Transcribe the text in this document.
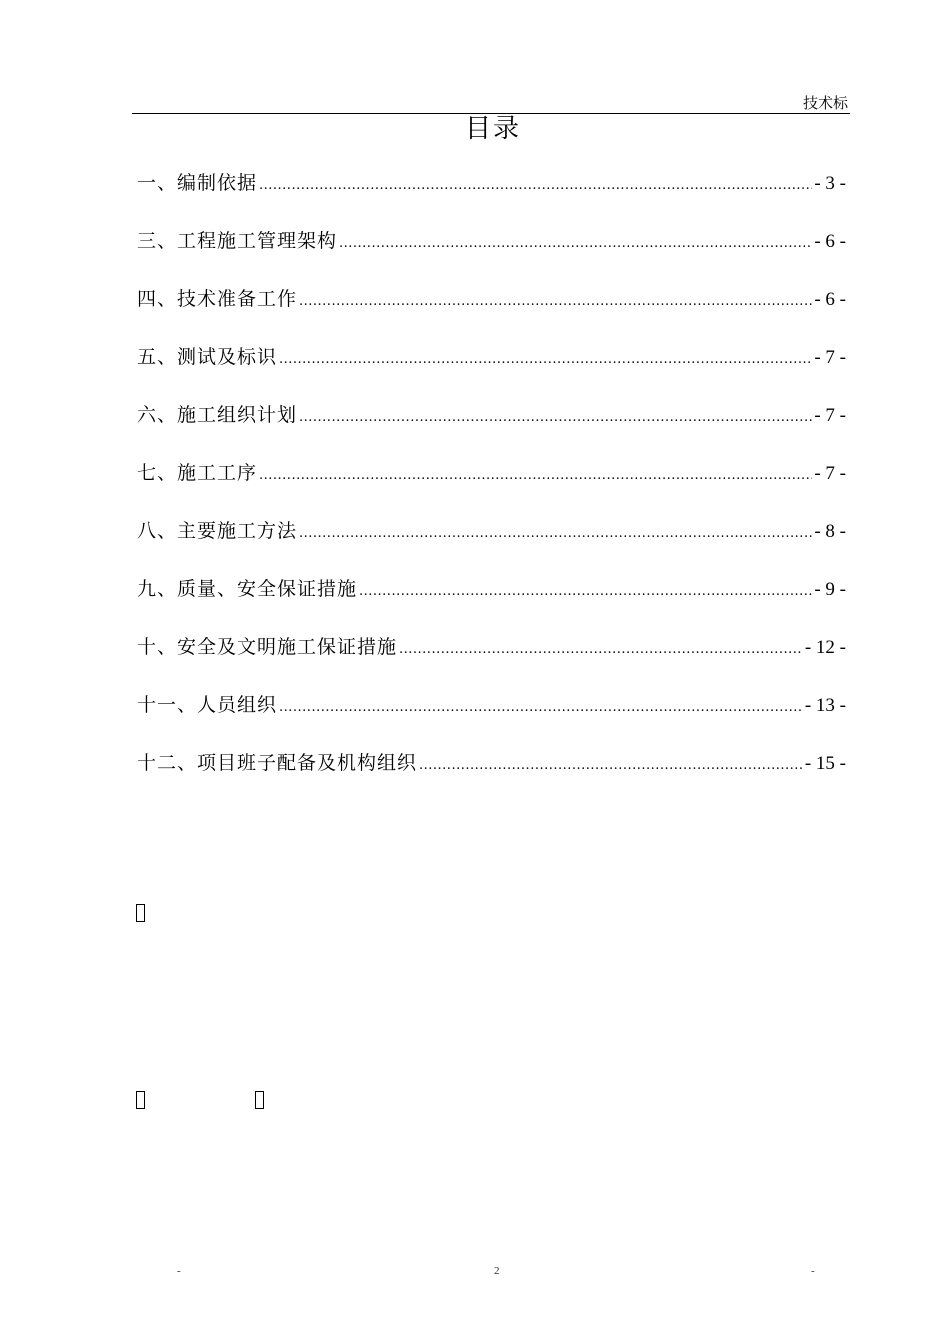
技术标
目录
一、编制依据 .....	- 3 -
三、工程施工管理架构 .....	- 6 -
四、技术准备工作 .....	- 6 -
五、测试及标识 .....	- 7 -
六、施工组织计划 .....	- 7 -
七、施工工序 .....	- 7 -
八、主要施工方法 .....	- 8 -
九、质量、安全保证措施 .....	- 9 -
十、安全及文明施工保证措施 .....	- 12 -
十一、人员组织 .....	- 13 -
十二、项目班子配备及机构组织 .....	- 15 -
-	2	-
